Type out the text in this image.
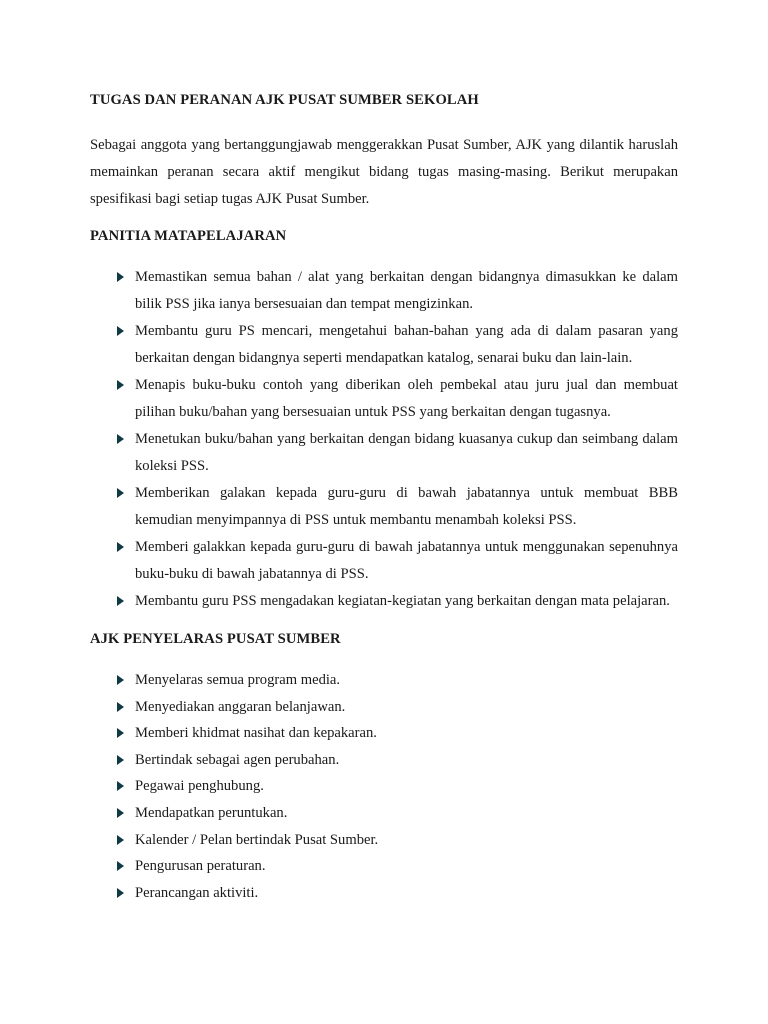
TUGAS DAN PERANAN AJK PUSAT SUMBER SEKOLAH

Sebagai anggota yang bertanggungjawab menggerakkan Pusat Sumber, AJK yang dilantik haruslah memainkan peranan secara aktif mengikut bidang tugas masing-masing. Berikut merupakan spesifikasi bagi setiap tugas AJK Pusat Sumber.

PANITIA MATAPELAJARAN
Memastikan semua bahan / alat yang berkaitan dengan bidangnya dimasukkan ke dalam bilik PSS jika ianya bersesuaian dan tempat mengizinkan.
Membantu guru PS mencari, mengetahui bahan-bahan yang ada di dalam pasaran yang berkaitan dengan bidangnya seperti mendapatkan katalog, senarai buku dan lain-lain.
Menapis buku-buku contoh yang diberikan oleh pembekal atau juru jual dan membuat pilihan buku/bahan yang bersesuaian untuk PSS yang berkaitan dengan tugasnya.
Menetukan buku/bahan yang berkaitan dengan bidang kuasanya cukup dan seimbang dalam koleksi PSS.
Memberikan galakan kepada guru-guru di bawah jabatannya untuk membuat BBB kemudian menyimpannya di PSS untuk membantu menambah koleksi PSS.
Memberi galakkan kepada guru-guru di bawah jabatannya untuk menggunakan sepenuhnya buku-buku di bawah jabatannya di PSS.
Membantu guru PSS mengadakan kegiatan-kegiatan yang berkaitan dengan mata pelajaran.
AJK PENYELARAS PUSAT SUMBER
Menyelaras semua program media.
Menyediakan anggaran belanjawan.
Memberi khidmat nasihat dan kepakaran.
Bertindak sebagai agen perubahan.
Pegawai penghubung.
Mendapatkan peruntukan.
Kalender / Pelan bertindak Pusat Sumber.
Pengurusan peraturan.
Perancangan aktiviti.
